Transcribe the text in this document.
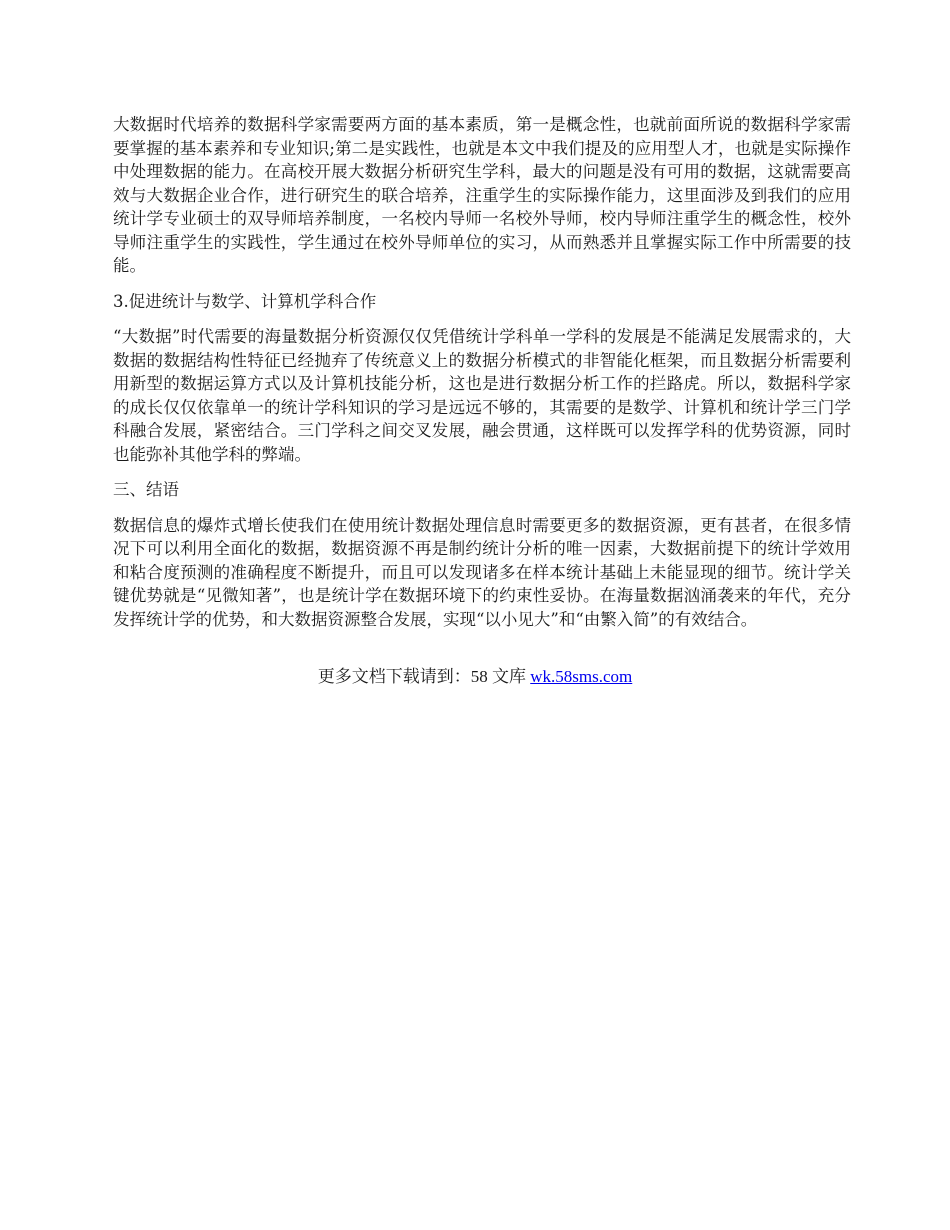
大数据时代培养的数据科学家需要两方面的基本素质，第一是概念性，也就前面所说的数据科学家需要掌握的基本素养和专业知识;第二是实践性，也就是本文中我们提及的应用型人才，也就是实际操作中处理数据的能力。在高校开展大数据分析研究生学科，最大的问题是没有可用的数据，这就需要高效与大数据企业合作，进行研究生的联合培养，注重学生的实际操作能力，这里面涉及到我们的应用统计学专业硕士的双导师培养制度，一名校内导师一名校外导师，校内导师注重学生的概念性，校外导师注重学生的实践性，学生通过在校外导师单位的实习，从而熟悉并且掌握实际工作中所需要的技能。

3.促进统计与数学、计算机学科合作

“大数据”时代需要的海量数据分析资源仅仅凭借统计学科单一学科的发展是不能满足发展需求的，大数据的数据结构性特征已经抛弃了传统意义上的数据分析模式的非智能化框架，而且数据分析需要利用新型的数据运算方式以及计算机技能分析，这也是进行数据分析工作的拦路虎。所以，数据科学家的成长仅仅依靠单一的统计学科知识的学习是远远不够的，其需要的是数学、计算机和统计学三门学科融合发展，紧密结合。三门学科之间交叉发展，融会贯通，这样既可以发挥学科的优势资源，同时也能弥补其他学科的弊端。

三、结语

数据信息的爆炸式增长使我们在使用统计数据处理信息时需要更多的数据资源，更有甚者，在很多情况下可以利用全面化的数据，数据资源不再是制约统计分析的唯一因素，大数据前提下的统计学效用和粘合度预测的准确程度不断提升，而且可以发现诸多在样本统计基础上未能显现的细节。统计学关键优势就是“见微知著”，也是统计学在数据环境下的约束性妥协。在海量数据汹涌袭来的年代，充分发挥统计学的优势，和大数据资源整合发展，实现“以小见大”和“由繁入简”的有效结合。

更多文档下载请到：58 文库 wk.58sms.com
